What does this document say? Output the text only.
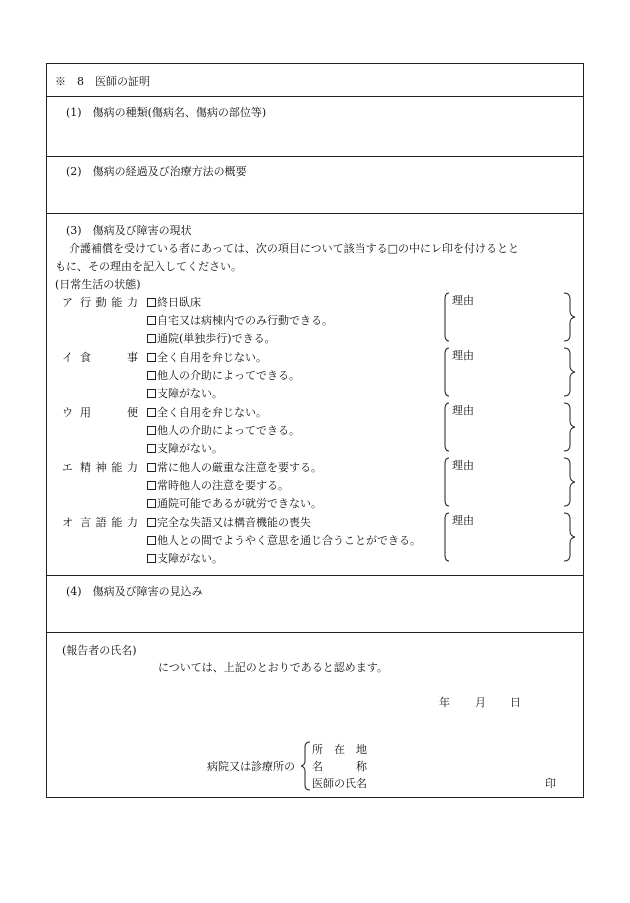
※　8　医師の証明
(1)　傷病の種類(傷病名、傷病の部位等)
(2)　傷病の経過及び治療方法の概要
(3)　傷病及び障害の現状
介護補償を受けている者にあっては、次の項目について該当する□の中にレ印を付けるとと
もに、その理由を記入してください。
(日常生活の状態)
ア 行動能力	終日臥床
自宅又は病棟内でのみ行動できる。
通院(単独歩行)できる。
理由
イ 食事	全く自用を弁じない。
他人の介助によってできる。
支障がない。
理由
ウ 用便	全く自用を弁じない。
他人の介助によってできる。
支障がない。
理由
エ 精神能力	常に他人の厳重な注意を要する。
常時他人の注意を要する。
通院可能であるが就労できない。
理由
オ 言語能力	完全な失語又は構音機能の喪失
他人との間でようやく意思を通じ合うことができる。
支障がない。
理由
(4)　傷病及び障害の見込み
(報告者の氏名)
については、上記のとおりであると認めます。
年 月 日
病院又は診療所の
所　在　地
名　　　称
医師の氏名	印
